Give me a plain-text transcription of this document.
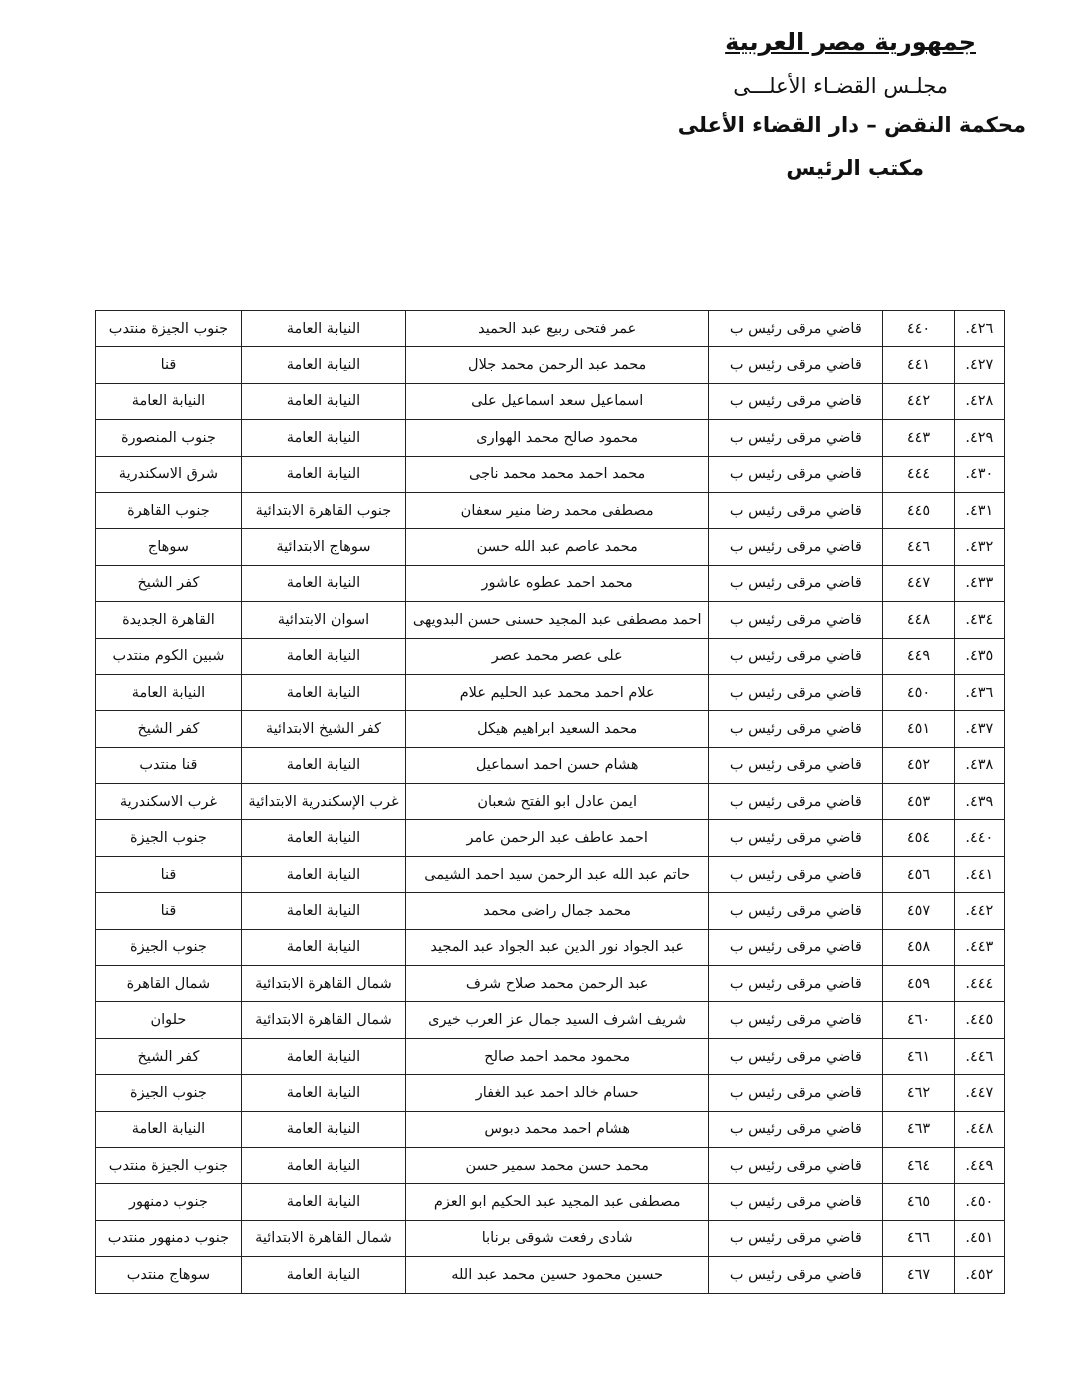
جمهورية مصر العربية
مجلـس القضـاء الأعلـــى
محكمة النقض – دار القضاء الأعلى
مكتب الرئيس
٤٢٦.	٤٤٠	قاضي مرقى رئيس ب	عمر فتحى ربيع عبد الحميد	النيابة العامة	جنوب الجيزة منتدب
٤٢٧.	٤٤١	قاضي مرقى رئيس ب	محمد عبد الرحمن محمد جلال	النيابة العامة	قنا
٤٢٨.	٤٤٢	قاضي مرقى رئيس ب	اسماعيل سعد اسماعيل على	النيابة العامة	النيابة العامة
٤٢٩.	٤٤٣	قاضي مرقى رئيس ب	محمود صالح محمد الهوارى	النيابة العامة	جنوب المنصورة
٤٣٠.	٤٤٤	قاضي مرقى رئيس ب	محمد احمد محمد محمد ناجى	النيابة العامة	شرق الاسكندرية
٤٣١.	٤٤٥	قاضي مرقى رئيس ب	مصطفى محمد رضا منير سعفان	جنوب القاهرة الابتدائية	جنوب القاهرة
٤٣٢.	٤٤٦	قاضي مرقى رئيس ب	محمد عاصم عبد الله حسن	سوهاج الابتدائية	سوهاج
٤٣٣.	٤٤٧	قاضي مرقى رئيس ب	محمد احمد عطوه عاشور	النيابة العامة	كفر الشيخ
٤٣٤.	٤٤٨	قاضي مرقى رئيس ب	احمد مصطفى عبد المجيد حسنى حسن البدويهى	اسوان الابتدائية	القاهرة الجديدة
٤٣٥.	٤٤٩	قاضي مرقى رئيس ب	على عصر محمد عصر	النيابة العامة	شبين الكوم منتدب
٤٣٦.	٤٥٠	قاضي مرقى رئيس ب	علام احمد محمد عبد الحليم علام	النيابة العامة	النيابة العامة
٤٣٧.	٤٥١	قاضي مرقى رئيس ب	محمد السعيد ابراهيم هيكل	كفر الشيخ الابتدائية	كفر الشيخ
٤٣٨.	٤٥٢	قاضي مرقى رئيس ب	هشام حسن احمد اسماعيل	النيابة العامة	قنا منتدب
٤٣٩.	٤٥٣	قاضي مرقى رئيس ب	ايمن عادل ابو الفتح شعبان	غرب الإسكندرية الابتدائية	غرب الاسكندرية
٤٤٠.	٤٥٤	قاضي مرقى رئيس ب	احمد عاطف عبد الرحمن عامر	النيابة العامة	جنوب الجيزة
٤٤١.	٤٥٦	قاضي مرقى رئيس ب	حاتم عبد الله عبد الرحمن سيد احمد الشيمى	النيابة العامة	قنا
٤٤٢.	٤٥٧	قاضي مرقى رئيس ب	محمد جمال راضى محمد	النيابة العامة	قنا
٤٤٣.	٤٥٨	قاضي مرقى رئيس ب	عبد الجواد نور الدين عبد الجواد عبد المجيد	النيابة العامة	جنوب الجيزة
٤٤٤.	٤٥٩	قاضي مرقى رئيس ب	عبد الرحمن محمد صلاح شرف	شمال القاهرة الابتدائية	شمال القاهرة
٤٤٥.	٤٦٠	قاضي مرقى رئيس ب	شريف اشرف السيد جمال عز العرب خيرى	شمال القاهرة الابتدائية	حلوان
٤٤٦.	٤٦١	قاضي مرقى رئيس ب	محمود محمد احمد صالح	النيابة العامة	كفر الشيخ
٤٤٧.	٤٦٢	قاضي مرقى رئيس ب	حسام خالد احمد عبد الغفار	النيابة العامة	جنوب الجيزة
٤٤٨.	٤٦٣	قاضي مرقى رئيس ب	هشام احمد محمد دبوس	النيابة العامة	النيابة العامة
٤٤٩.	٤٦٤	قاضي مرقى رئيس ب	محمد حسن محمد سمير حسن	النيابة العامة	جنوب الجيزة منتدب
٤٥٠.	٤٦٥	قاضي مرقى رئيس ب	مصطفى عبد المجيد عبد الحكيم ابو العزم	النيابة العامة	جنوب دمنهور
٤٥١.	٤٦٦	قاضي مرقى رئيس ب	شادى رفعت شوقى برنابا	شمال القاهرة الابتدائية	جنوب دمنهور منتدب
٤٥٢.	٤٦٧	قاضي مرقى رئيس ب	حسين محمود حسين محمد عبد الله	النيابة العامة	سوهاج منتدب
